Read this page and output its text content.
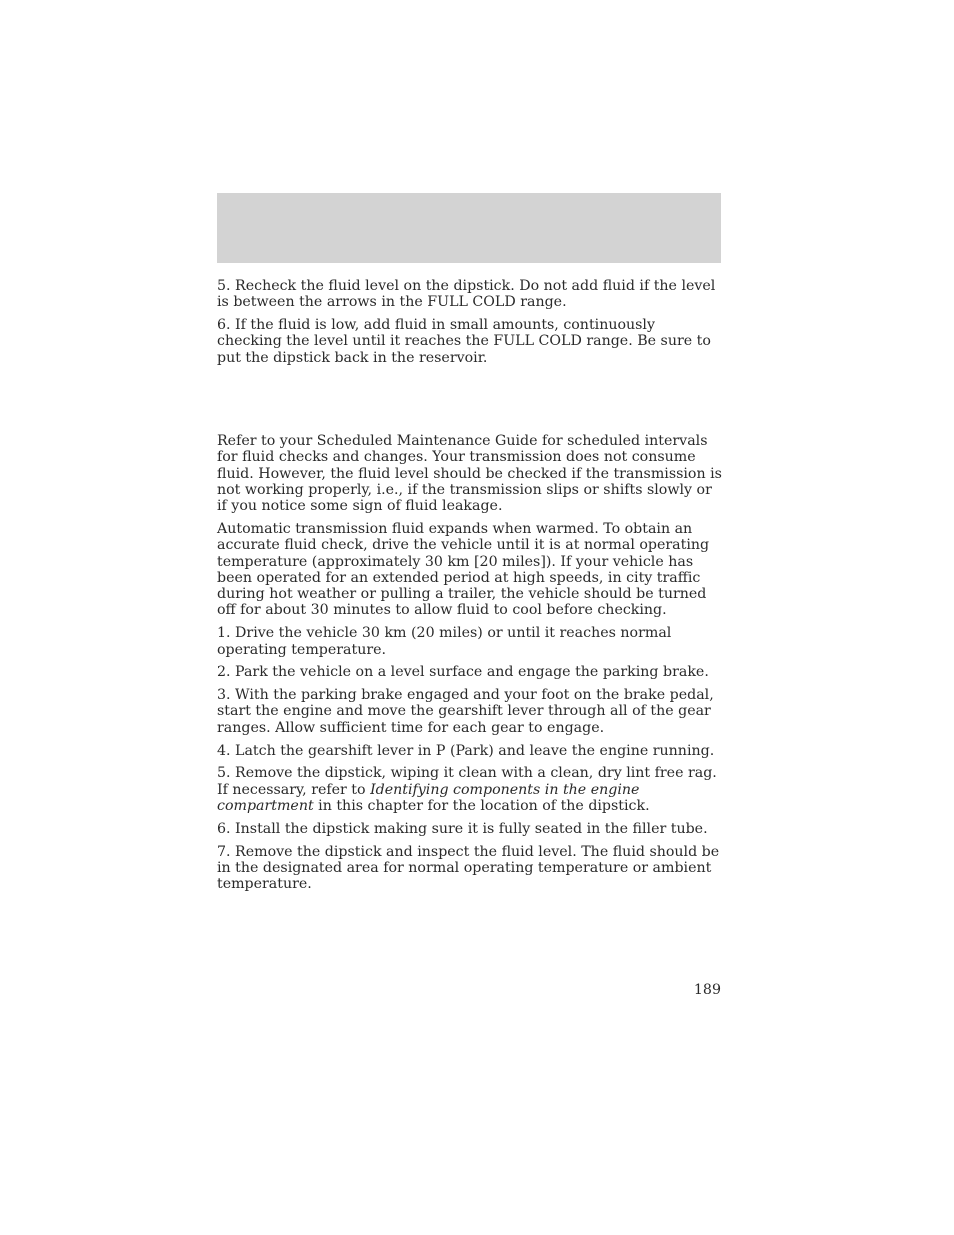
5. Recheck the fluid level on the dipstick. Do not add fluid if the level is between the arrows in the FULL COLD range.

6. If the fluid is low, add fluid in small amounts, continuously checking the level until it reaches the FULL COLD range. Be sure to put the dipstick back in the reservoir.

Refer to your Scheduled Maintenance Guide for scheduled intervals for fluid checks and changes. Your transmission does not consume fluid. However, the fluid level should be checked if the transmission is not working properly, i.e., if the transmission slips or shifts slowly or if you notice some sign of fluid leakage.

Automatic transmission fluid expands when warmed. To obtain an accurate fluid check, drive the vehicle until it is at normal operating temperature (approximately 30 km [20 miles]). If your vehicle has been operated for an extended period at high speeds, in city traffic during hot weather or pulling a trailer, the vehicle should be turned off for about 30 minutes to allow fluid to cool before checking.

1. Drive the vehicle 30 km (20 miles) or until it reaches normal operating temperature.

2. Park the vehicle on a level surface and engage the parking brake.

3. With the parking brake engaged and your foot on the brake pedal, start the engine and move the gearshift lever through all of the gear ranges. Allow sufficient time for each gear to engage.

4. Latch the gearshift lever in P (Park) and leave the engine running.

5. Remove the dipstick, wiping it clean with a clean, dry lint free rag. If necessary, refer to Identifying components in the engine compartment in this chapter for the location of the dipstick.

6. Install the dipstick making sure it is fully seated in the filler tube.

7. Remove the dipstick and inspect the fluid level. The fluid should be in the designated area for normal operating temperature or ambient temperature.

189
